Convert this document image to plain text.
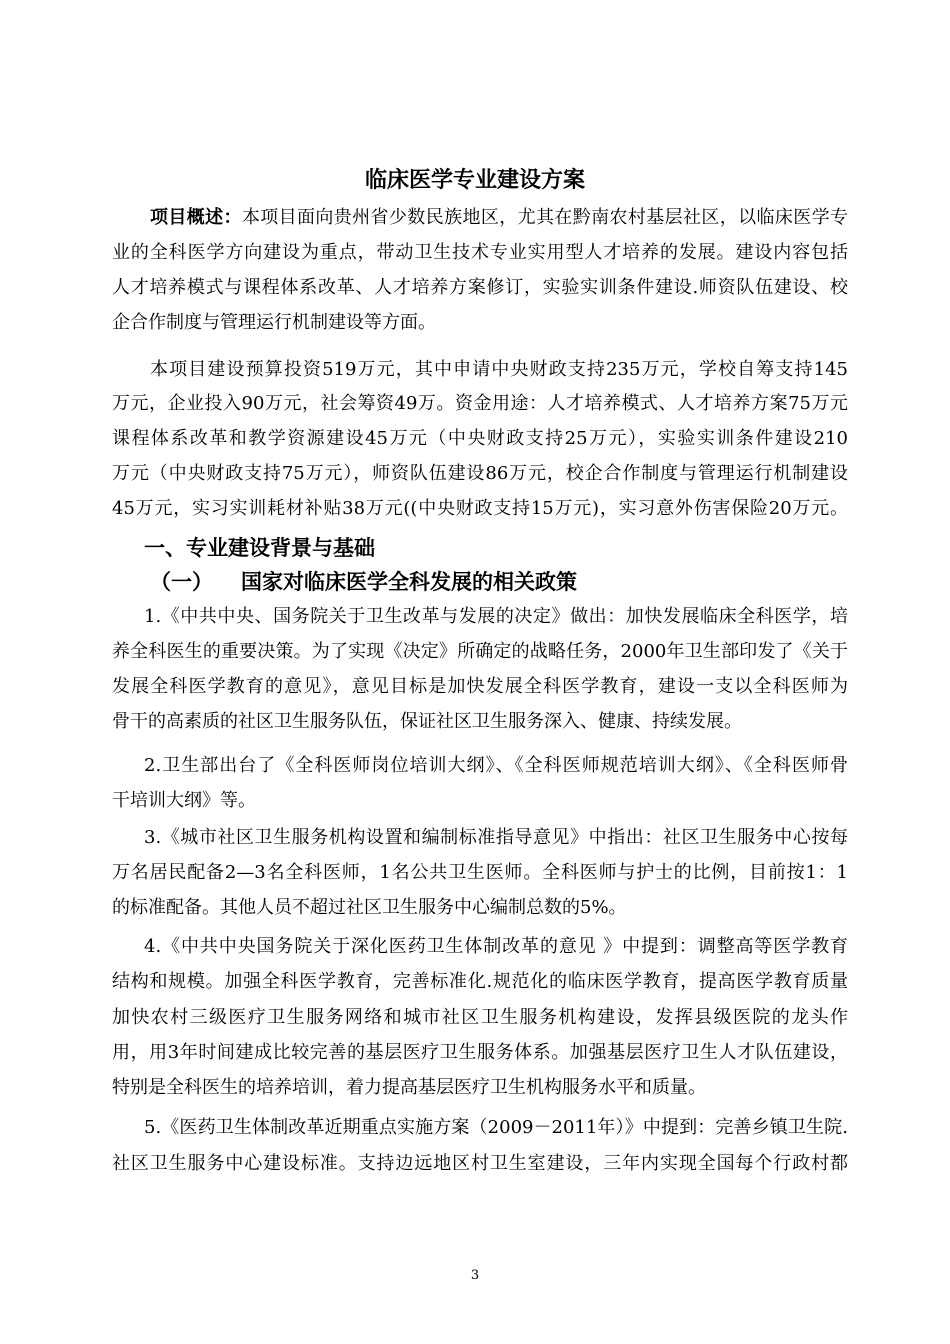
临床医学专业建设方案
项目概述：本项目面向贵州省少数民族地区，尤其在黔南农村基层社区，以临床医学专
业的全科医学方向建设为重点，带动卫生技术专业实用型人才培养的发展。建设内容包括
人才培养模式与课程体系改革、人才培养方案修订，实验实训条件建设.师资队伍建设、校
企合作制度与管理运行机制建设等方面。
本项目建设预算投资519万元，其中申请中央财政支持235万元，学校自筹支持145
万元，企业投入90万元，社会筹资49万。资金用途：人才培养模式、人才培养方案75万元
课程体系改革和教学资源建设45万元（中央财政支持25万元），实验实训条件建设210
万元（中央财政支持75万元），师资队伍建设86万元，校企合作制度与管理运行机制建设
45万元，实习实训耗材补贴38万元((中央财政支持15万元)，实习意外伤害保险20万元。
一、专业建设背景与基础
（一） 国家对临床医学全科发展的相关政策
1.《中共中央、国务院关于卫生改革与发展的决定》做出：加快发展临床全科医学，培
养全科医生的重要决策。为了实现《决定》所确定的战略任务，2000年卫生部印发了《关于
发展全科医学教育的意见》，意见目标是加快发展全科医学教育，建设一支以全科医师为
骨干的高素质的社区卫生服务队伍，保证社区卫生服务深入、健康、持续发展。
2.卫生部出台了《全科医师岗位培训大纲》、《全科医师规范培训大纲》、《全科医师骨
干培训大纲》等。
3.《城市社区卫生服务机构设置和编制标准指导意见》中指出：社区卫生服务中心按每
万名居民配备2—3名全科医师，1名公共卫生医师。全科医师与护士的比例，目前按1：1
的标准配备。其他人员不超过社区卫生服务中心编制总数的5%。
4.《中共中央国务院关于深化医药卫生体制改革的意见 》中提到：调整高等医学教育
结构和规模。加强全科医学教育，完善标准化.规范化的临床医学教育，提高医学教育质量
加快农村三级医疗卫生服务网络和城市社区卫生服务机构建设，发挥县级医院的龙头作
用，用3年时间建成比较完善的基层医疗卫生服务体系。加强基层医疗卫生人才队伍建设，
特别是全科医生的培养培训，着力提高基层医疗卫生机构服务水平和质量。
5.《医药卫生体制改革近期重点实施方案（2009－2011年）》中提到：完善乡镇卫生院.
社区卫生服务中心建设标准。支持边远地区村卫生室建设，三年内实现全国每个行政村都
3
